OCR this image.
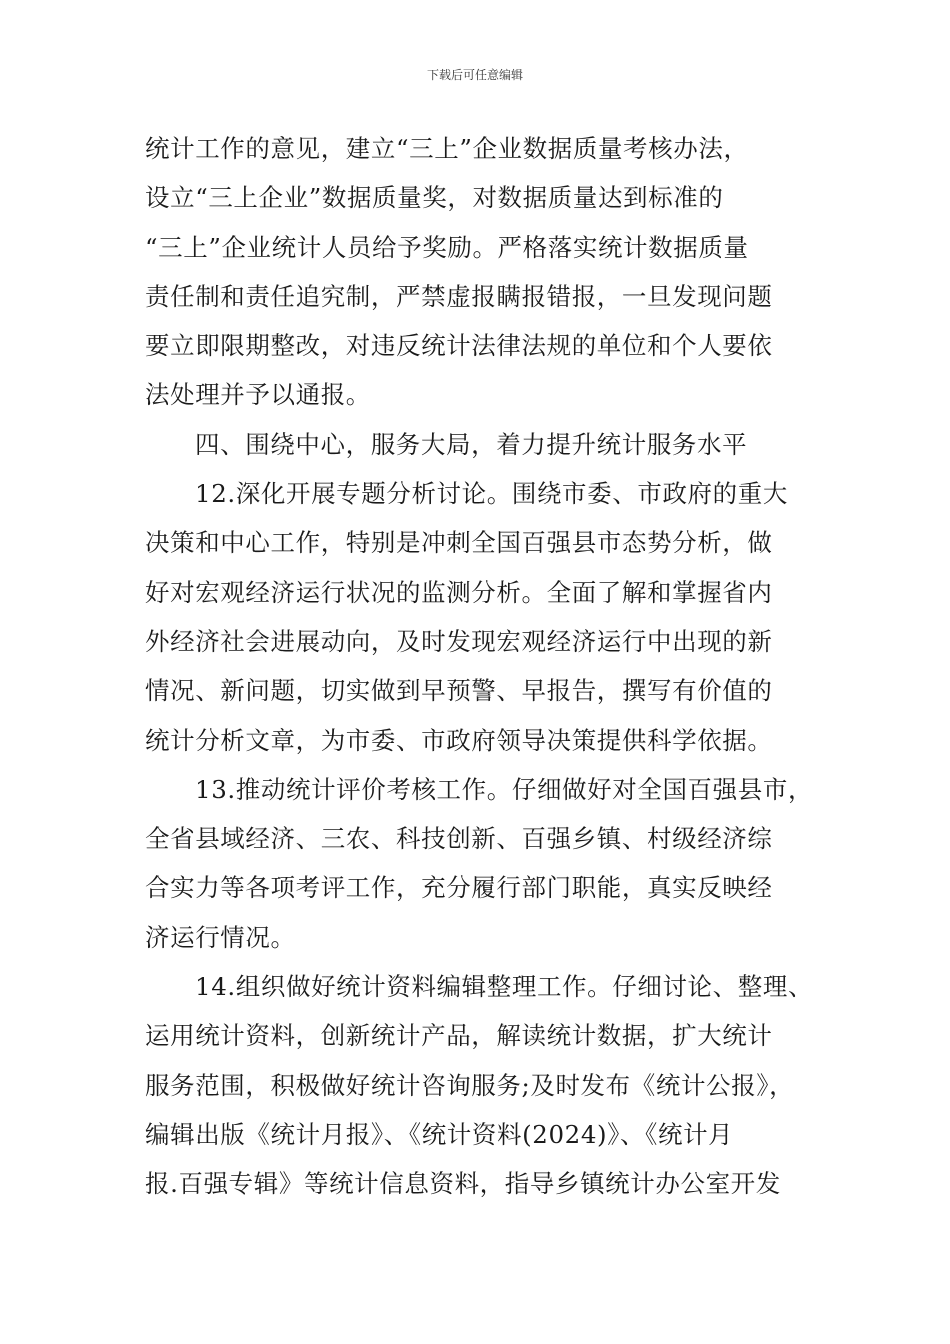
下载后可任意编辑
统计工作的意见，建立“三上”企业数据质量考核办法，
设立“三上企业”数据质量奖，对数据质量达到标准的
“三上”企业统计人员给予奖励。严格落实统计数据质量
责任制和责任追究制，严禁虚报瞒报错报，一旦发现问题
要立即限期整改，对违反统计法律法规的单位和个人要依
法处理并予以通报。
四、围绕中心，服务大局，着力提升统计服务水平
12.深化开展专题分析讨论。围绕市委、市政府的重大
决策和中心工作，特别是冲刺全国百强县市态势分析，做
好对宏观经济运行状况的监测分析。全面了解和掌握省内
外经济社会进展动向，及时发现宏观经济运行中出现的新
情况、新问题，切实做到早预警、早报告，撰写有价值的
统计分析文章，为市委、市政府领导决策提供科学依据。
13.推动统计评价考核工作。仔细做好对全国百强县市，
全省县域经济、三农、科技创新、百强乡镇、村级经济综
合实力等各项考评工作，充分履行部门职能，真实反映经
济运行情况。
14.组织做好统计资料编辑整理工作。仔细讨论、整理、
运用统计资料，创新统计产品，解读统计数据，扩大统计
服务范围，积极做好统计咨询服务;及时发布《统计公报》，
编辑出版《统计月报》、《统计资料(2024)》、《统计月
报.百强专辑》等统计信息资料，指导乡镇统计办公室开发
